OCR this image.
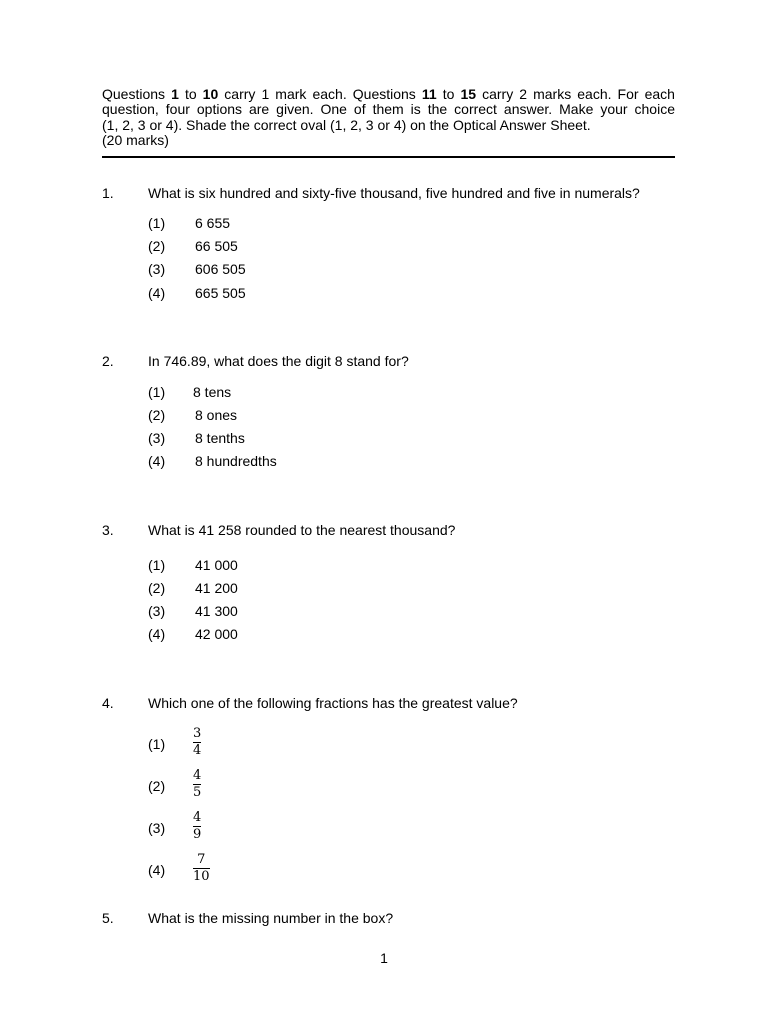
Questions 1 to 10 carry 1 mark each. Questions 11 to 15 carry 2 marks each. For each
question, four options are given. One of them is the correct answer. Make your choice
(1, 2, 3 or 4). Shade the correct oval (1, 2, 3 or 4) on the Optical Answer Sheet.
(20 marks)
1. What is six hundred and sixty-five thousand, five hundred and five in numerals?
(1) 6 655
(2) 66 505
(3) 606 505
(4) 665 505
2. In 746.89, what does the digit 8 stand for?
(1) 8 tens
(2) 8 ones
(3) 8 tenths
(4) 8 hundredths
3. What is 41 258 rounded to the nearest thousand?
(1) 41 000
(2) 41 200
(3) 41 300
(4) 42 000
4. Which one of the following fractions has the greatest value?
(1)
3
4
(2)
4
5
(3)
4
9
(4)
7
10
5. What is the missing number in the box?
1
